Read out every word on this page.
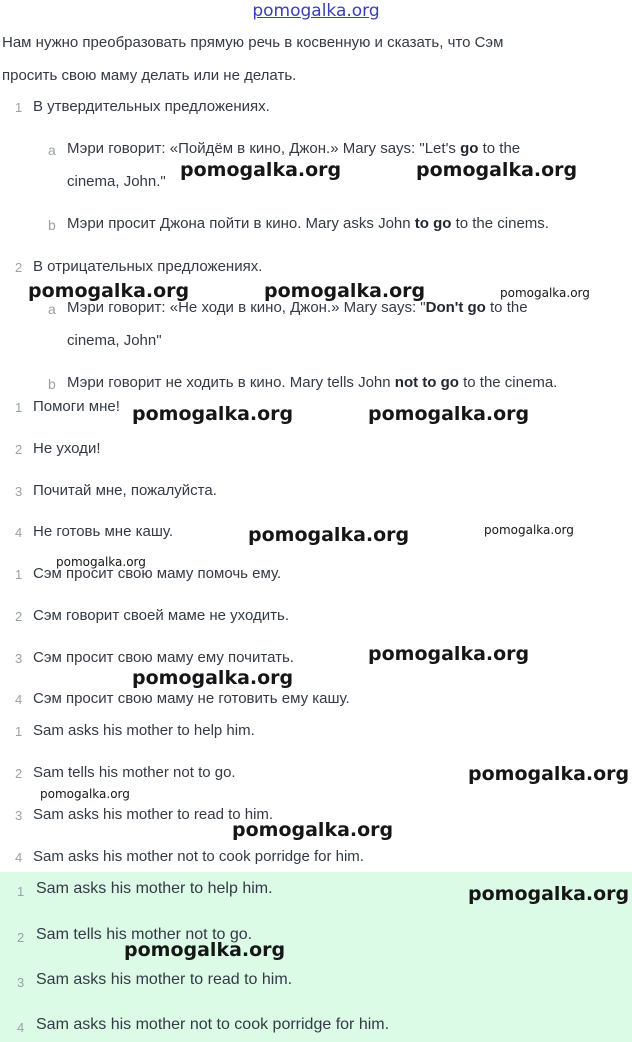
pomogalka.org
Нам нужно преобразовать прямую речь в косвенную и сказать, что Сэм
просить свою маму делать или не делать.
1 В утвердительных предложениях.
a Мэри говорит: «Пойдём в кино, Джон.» Mary says: "Let's go to the
cinema, John."
b Мэри просит Джона пойти в кино. Mary asks John to go to the cinems.
2 В отрицательных предложениях.
a Мэри говорит: «Не ходи в кино, Джон.» Mary says: "Don't go to the
cinema, John"
b Мэри говорит не ходить в кино. Mary tells John not to go to the cinema.
1 Помоги мне!
2 Не уходи!
3 Почитай мне, пожалуйста.
4 Не готовь мне кашу.
1 Сэм просит свою маму помочь ему.
2 Сэм говорит своей маме не уходить.
3 Сэм просит свою маму ему почитать.
4 Сэм просит свою маму не готовить ему кашу.
1 Sam asks his mother to help him.
2 Sam tells his mother not to go.
3 Sam asks his mother to read to him.
4 Sam asks his mother not to cook porridge for him.
1 Sam asks his mother to help him.
2 Sam tells his mother not to go.
3 Sam asks his mother to read to him.
4 Sam asks his mother not to cook porridge for him.
pomogalka.org	pomogalka.org
pomogalka.org	pomogalka.org	pomogalka.org
pomogalka.org	pomogalka.org
pomogalka.org	pomogalka.org
pomogalka.org
pomogalka.org
pomogalka.org
pomogalka.org
pomogalka.org
pomogalka.org
pomogalka.org
pomogalka.org
